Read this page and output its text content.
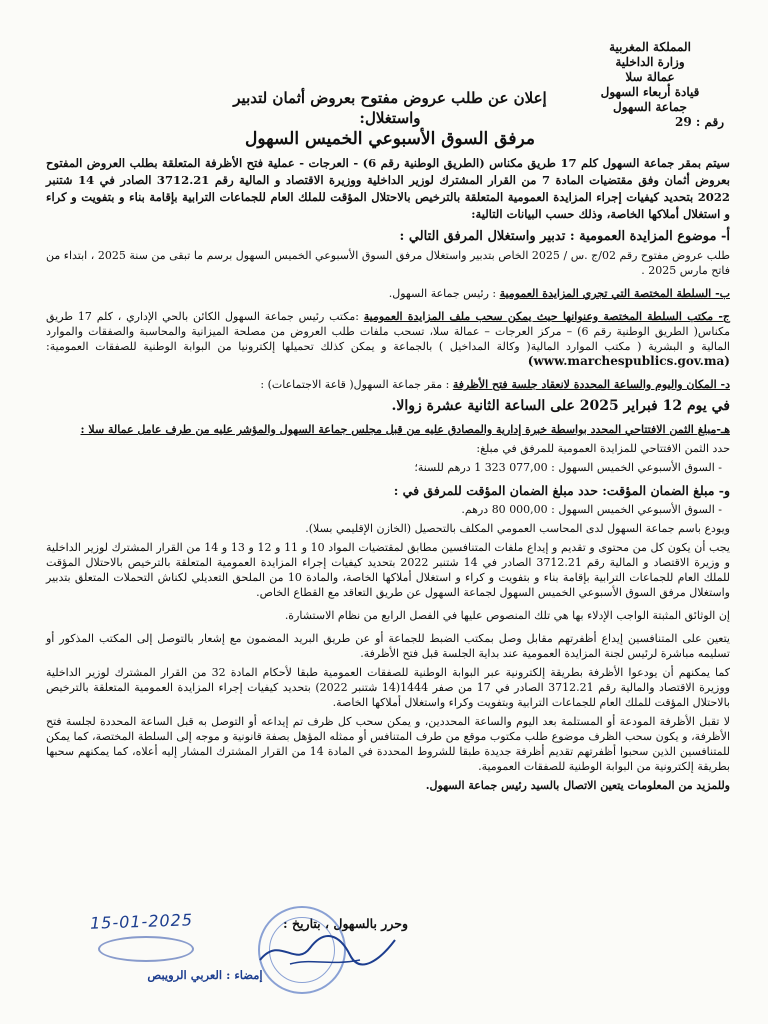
المملكة المغربية
وزارة الداخلية
عمالة سلا
قيادة أربعاء السهول
جماعة السهول
رقم : 29
إعلان عن طلب عروض مفتوح بعروض أثمان لتدبير واستغلال:
مرفق السوق الأسبوعي الخميس السهول

سيتم بمقر جماعة السهول كلم 17 طريق مكناس (الطريق الوطنية رقم 6) - العرجات - عملية فتح الأظرفة المتعلقة بطلب العروض المفتوح بعروض أثمان وفق مقتضيات المادة 7 من القرار المشترك لوزير الداخلية ووزيرة الاقتصاد و المالية رقم 3712.21 الصادر في 14 شتنبر 2022 بتحديد كيفيات إجراء المزايدة العمومية المتعلقة بالترخيص بالاحتلال المؤقت للملك العام للجماعات الترابية بإقامة بناء و بتفويت و كراء و استغلال أملاكها الخاصة، وذلك حسب البيانات التالية:

أ- موضوع المزايدة العمومية : تدبير واستغلال المرفق التالي :

طلب عروض مفتوح رقم 02/ج .س / 2025 الخاص بتدبير واستغلال مرفق السوق الأسبوعي الخميس السهول برسم ما تبقى من سنة 2025 ، ابتداء من فاتح مارس 2025 .

ب- السلطة المختصة التي تجري المزايدة العمومية : رئيس جماعة السهول.

ج- مكتب السلطة المختصة وعنوانها حيث يمكن سحب ملف المزايدة العمومية :مكتب رئيس جماعة السهول الكائن بالحي الإداري ، كلم 17 طريق مكناس( الطريق الوطنية رقم 6) – مركز العرجات – عمالة سلا، تسحب ملفات طلب العروض من مصلحة الميزانية والمحاسبة والصفقات والموارد المالية و البشرية ( مكتب الموارد المالية( وكالة المداخيل ) بالجماعة و يمكن كذلك تحميلها إلكترونيا من البوابة الوطنية للصفقات العمومية: (www.marchespublics.gov.ma)

د- المكان واليوم والساعة المحددة لانعقاد جلسة فتح الأظرفة : مقر جماعة السهول( قاعة الاجتماعات) :

في يوم 12 فبراير 2025 على الساعة الثانية عشرة زوالا.

هـ-مبلغ الثمن الافتتاحي المحدد بواسطة خبرة إدارية والمصادق عليه من قبل مجلس جماعة السهول والمؤشر عليه من طرف عامل عمالة سلا :

حدد الثمن الافتتاحي للمزايدة العمومية للمرفق في مبلغ:

- السوق الأسبوعي الخميس السهول : 077,00 323 1 درهم للسنة؛

و- مبلغ الضمان المؤقت: حدد مبلغ الضمان المؤقت للمرفق في :

- السوق الأسبوعي الخميس السهول : 000,00 80 درهم.

ويودع باسم جماعة السهول لدى المحاسب العمومي المكلف بالتحصيل (الخازن الإقليمي بسلا).

يجب أن يكون كل من محتوى و تقديم و إيداع ملفات المتنافسين مطابق لمقتضيات المواد 10 و 11 و 12 و 13 و 14 من القرار المشترك لوزير الداخلية و وزيرة الاقتصاد و المالية رقم 3712.21 الصادر في 14 شتنبر 2022 بتحديد كيفيات إجراء المزايدة العمومية المتعلقة بالترخيص بالاحتلال المؤقت للملك العام للجماعات الترابية بإقامة بناء و بتفويت و كراء و استغلال أملاكها الخاصة، والمادة 10 من الملحق التعديلي لكناش التحملات المتعلق بتدبير واستغلال مرفق السوق الأسبوعي الخميس السهول لجماعة السهول عن طريق التعاقد مع القطاع الخاص.

إن الوثائق المثبتة الواجب الإدلاء بها هي تلك المنصوص عليها في الفصل الرابع من نظام الاستشارة.

يتعين على المتنافسين إيداع أظفرتهم مقابل وصل بمكتب الضبط للجماعة أو عن طريق البريد المضمون مع إشعار بالتوصل إلى المكتب المذكور أو تسليمه مباشرة لرئيس لجنة المزايدة العمومية عند بداية الجلسة قبل فتح الأظرفة.

كما يمكنهم أن يودعوا الأظرفة بطريقة إلكترونية عبر البوابة الوطنية للصفقات العمومية طبقا لأحكام المادة 32 من القرار المشترك لوزير الداخلية ووزيرة الاقتصاد والمالية رقم 3712.21 الصادر في 17 من صفر 1444(14 شتنبر 2022) بتحديد كيفيات إجراء المزايدة العمومية المتعلقة بالترخيص بالاحتلال المؤقت للملك العام للجماعات الترابية وبتفويت وكراء واستغلال أملاكها الخاصة.

لا تقبل الأظرفة المودعة أو المستلمة بعد اليوم والساعة المحددين، و يمكن سحب كل ظرف تم إيداعه أو التوصل به قبل الساعة المحددة لجلسة فتح الأظرفة، و يكون سحب الظرف موضوع طلب مكتوب موقع من طرف المتنافس أو ممثله المؤهل بصفة قانونية و موجه إلى السلطة المختصة، كما يمكن للمتنافسين الذين سحبوا أظفرتهم تقديم أظرفة جديدة طبقا للشروط المحددة في المادة 14 من القرار المشترك المشار إليه أعلاه، كما يمكنهم سحبها بطريقة إلكترونية من البوابة الوطنية للصفقات العمومية.

وللمزيد من المعلومات يتعين الاتصال بالسيد رئيس جماعة السهول.

وحرر بالسهول ، بتاريخ :
15-01-2025
إمضاء : العربي الرويبص
